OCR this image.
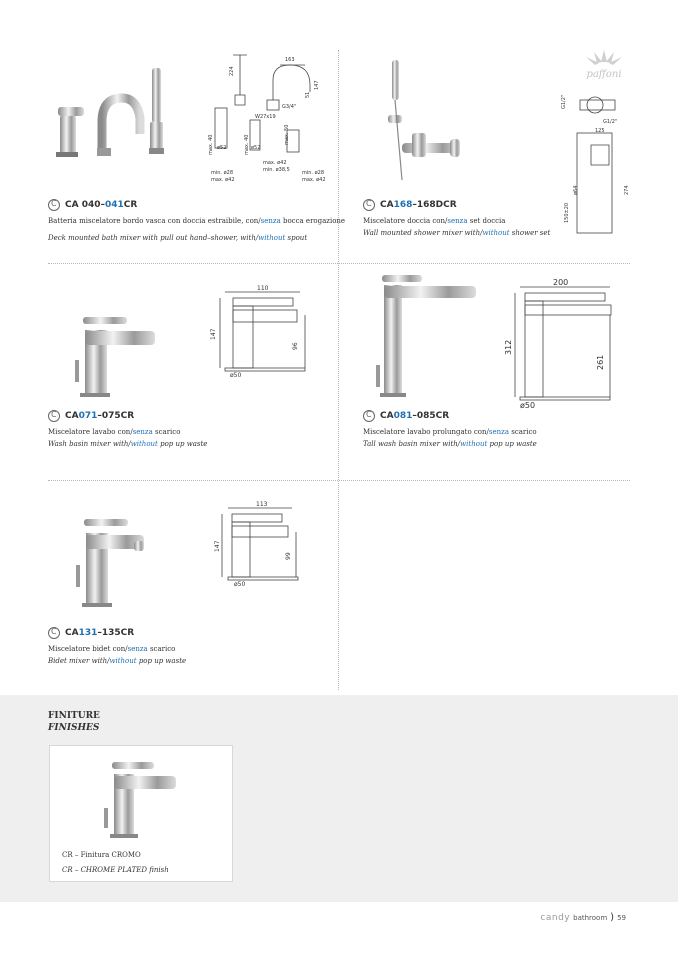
paffoni
163
224
147
51
G3/4"
W27x19
max. 40	max. 40	max. 50
ø52	ø52
max. ø42
min. ø38,5
min. ø28
max. ø42
min. ø28
max. ø42
C
CA 040– 041 CR
Batteria miscelatore bordo vasca con doccia estraibile, con/senza bocca erogazione
Deck mounted bath mixer with pull out hand–shower, with/without spout
G1/2"
ø64
G1/2"
125
150±20
274
C
CA 168 –168DCR
Miscelatore doccia con/senza set doccia
Wall mounted shower mixer with/without shower set
110
147
96
ø50
C
CA 071 –075CR
Miscelatore lavabo con/senza scarico
Wash basin mixer with/without pop up waste
200
312
261
ø50
C
CA 081 –085CR
Miscelatore lavabo prolungato con/senza scarico
Tall wash basin mixer with/without pop up waste
113
147
99
ø50
C
CA 131 –135CR
Miscelatore bidet con/senza scarico
Bidet mixer with/without pop up waste
FINITURE
FINISHES
CR – Finitura CROMO
CR – CHROME PLATED finish
candy bathroom ) 59
